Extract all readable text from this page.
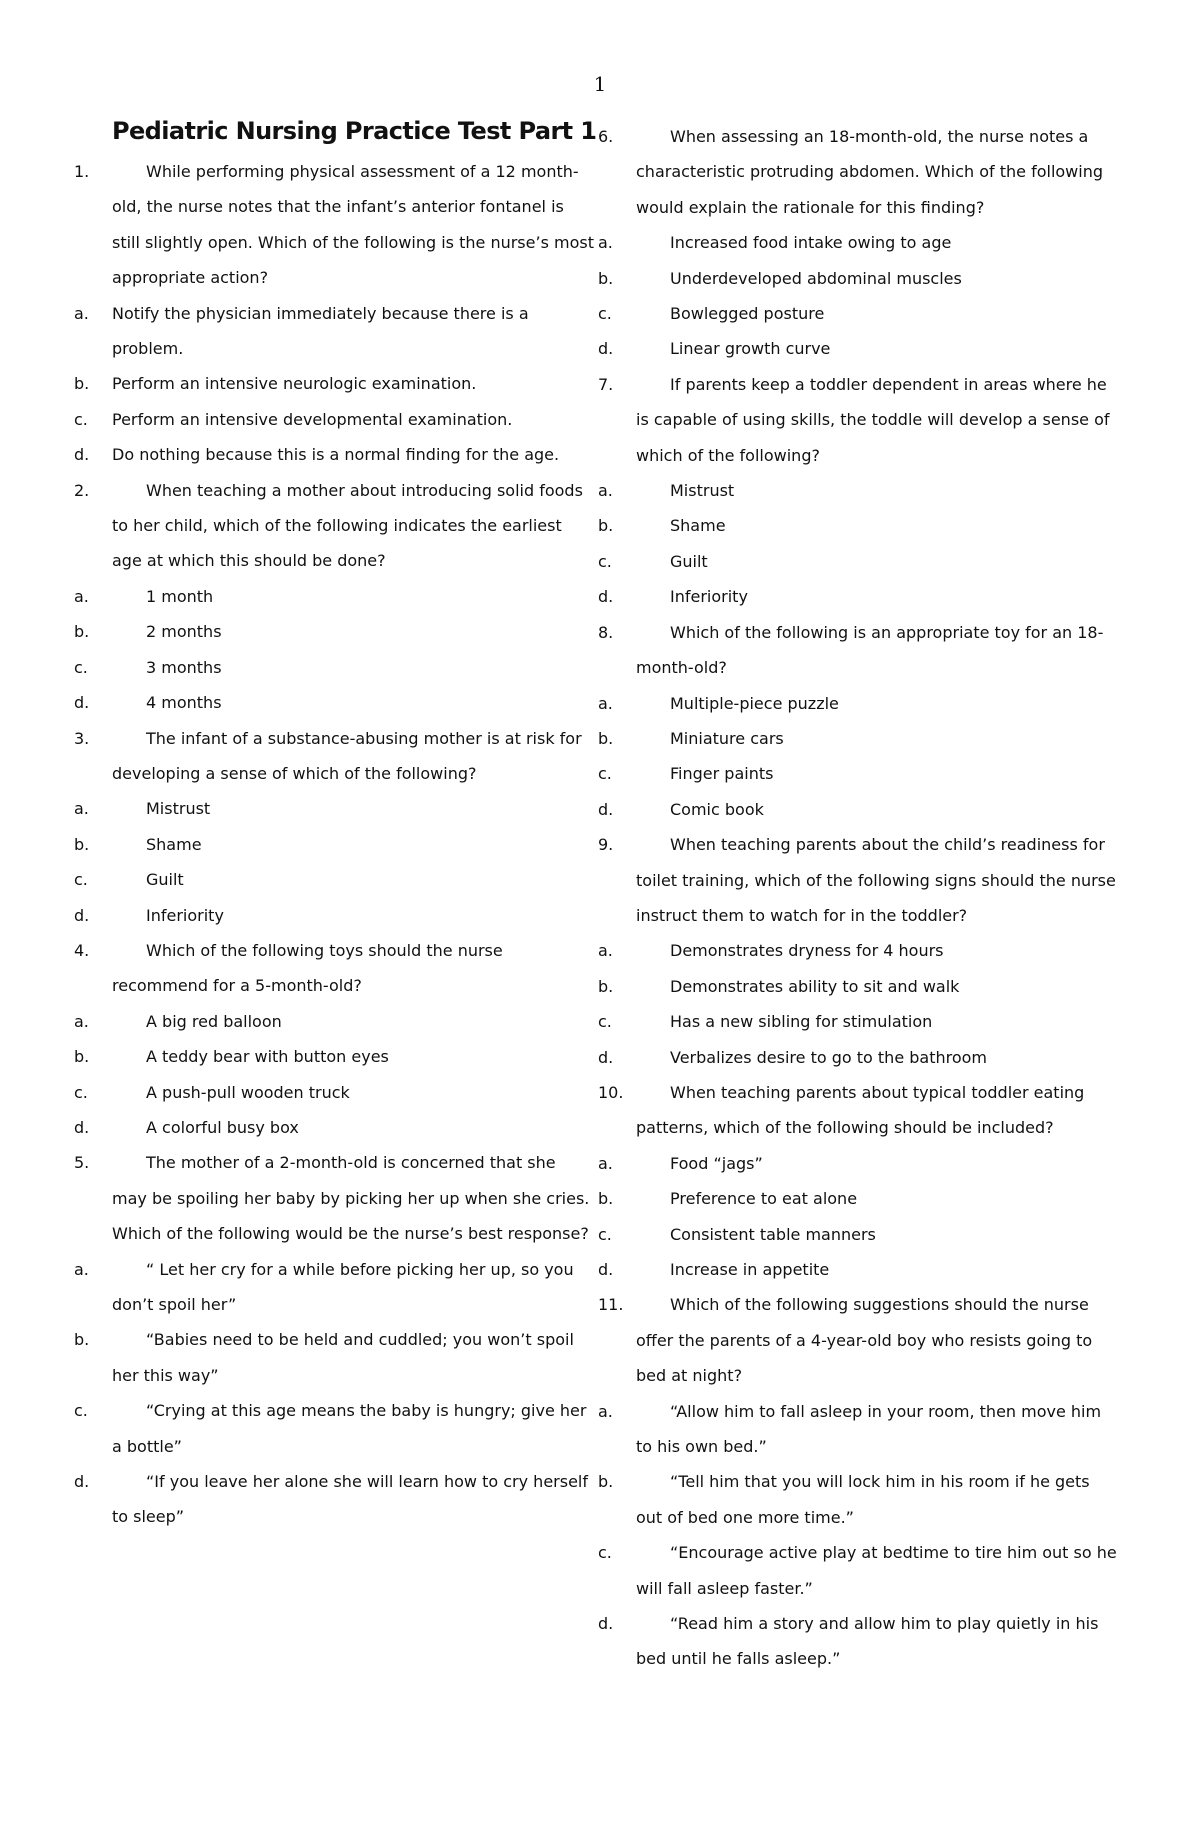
1
Pediatric Nursing Practice Test Part 1
1.	While performing physical assessment of a 12 month-old, the nurse notes that the infant’s anterior fontanel is still slightly open. Which of the following is the nurse’s most appropriate action?
a. Notify the physician immediately because there is a problem.
b. Perform an intensive neurologic examination.
c. Perform an intensive developmental examination.
d. Do nothing because this is a normal finding for the age.
2.	When teaching a mother about introducing solid foods to her child, which of the following indicates the earliest age at which this should be done?
a.	1 month
b.	2 months
c.	3 months
d.	4 months
3.	The infant of a substance-abusing mother is at risk for developing a sense of which of the following?
a.	Mistrust
b.	Shame
c.	Guilt
d.	Inferiority
4.	Which of the following toys should the nurse recommend for a 5-month-old?
a.	A big red balloon
b.	A teddy bear with button eyes
c.	A push-pull wooden truck
d.	A colorful busy box
5.	The mother of a 2-month-old is concerned that she may be spoiling her baby by picking her up when she cries. Which of the following would be the nurse’s best response?
a.	“ Let her cry for a while before picking her up, so you don’t spoil her”
b.	“Babies need to be held and cuddled; you won’t spoil her this way”
c.	“Crying at this age means the baby is hungry; give her a bottle”
d.	“If you leave her alone she will learn how to cry herself to sleep”
6.	When assessing an 18-month-old, the nurse notes a characteristic protruding abdomen. Which of the following would explain the rationale for this finding?
a.	Increased food intake owing to age
b.	Underdeveloped abdominal muscles
c.	Bowlegged posture
d.	Linear growth curve
7.	If parents keep a toddler dependent in areas where he is capable of using skills, the toddle will develop a sense of which of the following?
a.	Mistrust
b.	Shame
c.	Guilt
d.	Inferiority
8.	Which of the following is an appropriate toy for an 18-month-old?
a.	Multiple-piece puzzle
b.	Miniature cars
c.	Finger paints
d.	Comic book
9.	When teaching parents about the child’s readiness for toilet training, which of the following signs should the nurse instruct them to watch for in the toddler?
a.	Demonstrates dryness for 4 hours
b.	Demonstrates ability to sit and walk
c.	Has a new sibling for stimulation
d.	Verbalizes desire to go to the bathroom
10.	When teaching parents about typical toddler eating patterns, which of the following should be included?
a.	Food “jags”
b.	Preference to eat alone
c.	Consistent table manners
d.	Increase in appetite
11.	Which of the following suggestions should the nurse offer the parents of a 4-year-old boy who resists going to bed at night?
a.	“Allow him to fall asleep in your room, then move him to his own bed.”
b.	“Tell him that you will lock him in his room if he gets out of bed one more time.”
c.	“Encourage active play at bedtime to tire him out so he will fall asleep faster.”
d.	“Read him a story and allow him to play quietly in his bed until he falls asleep.”
